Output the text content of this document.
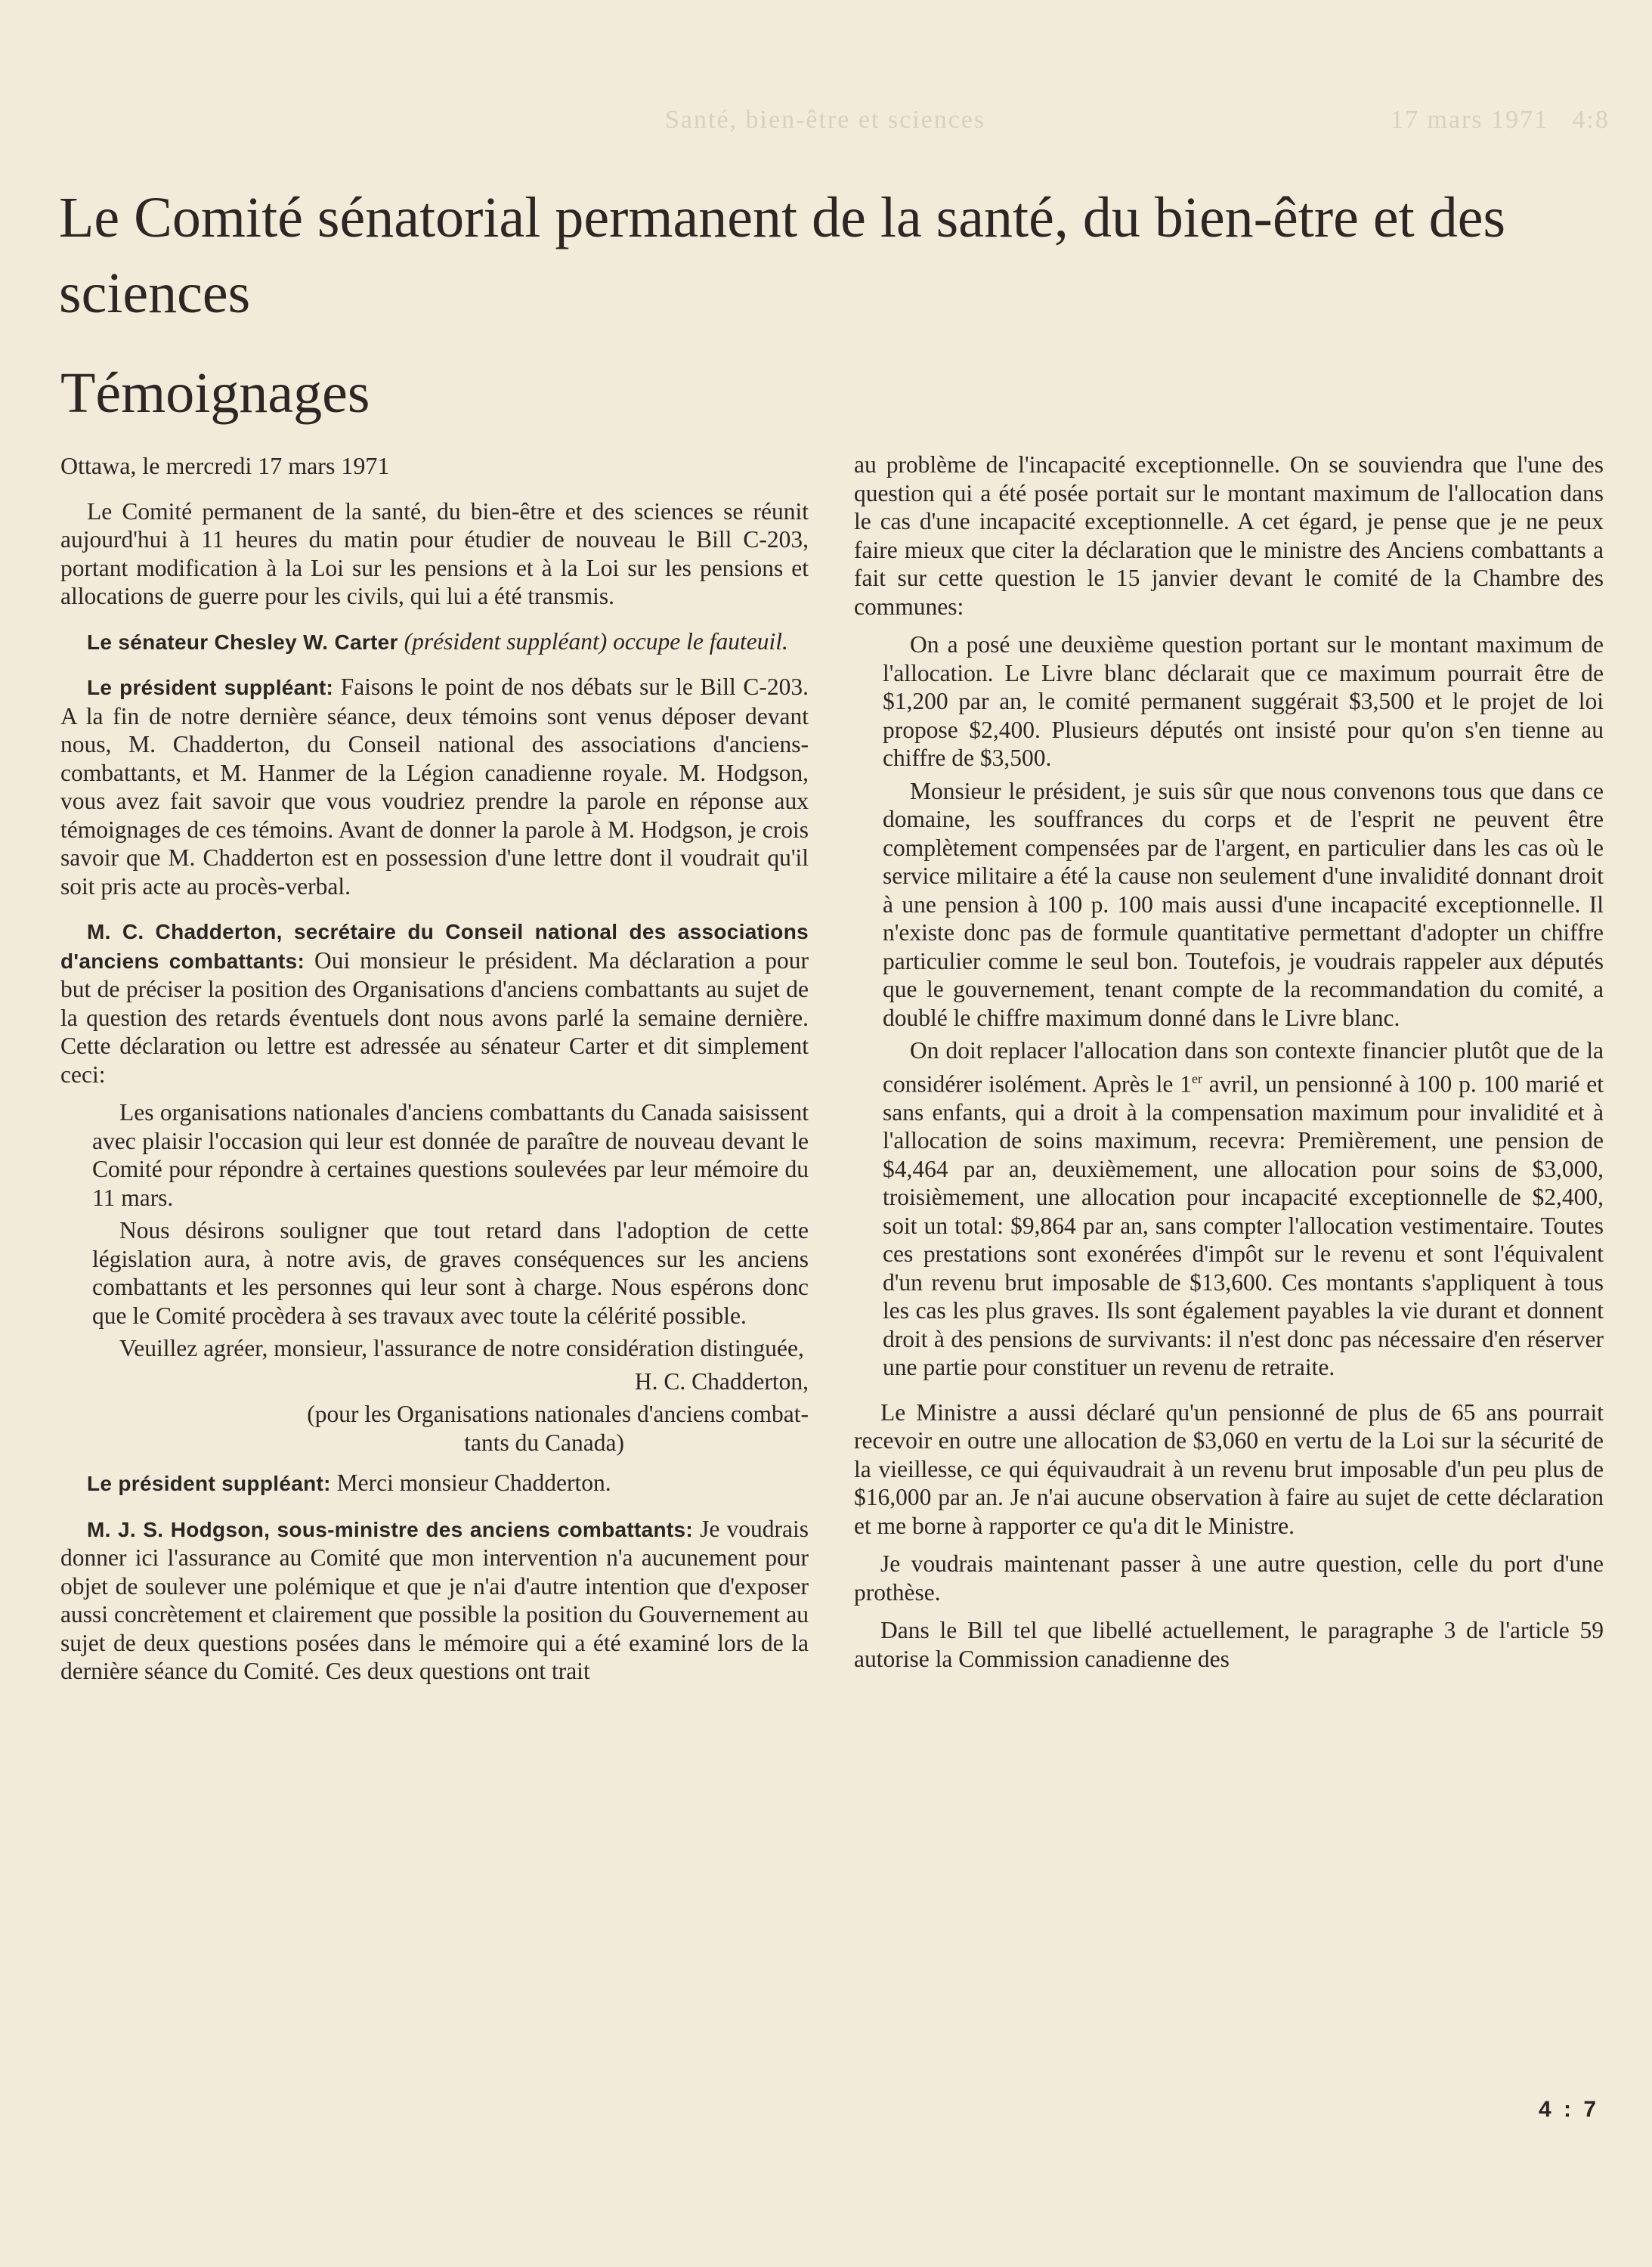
Santé, bien-être et sciences	17 mars 1971 4:8
Le Comité sénatorial permanent de la santé, du bien-être et des sciences
Témoignages

Ottawa, le mercredi 17 mars 1971

Le Comité permanent de la santé, du bien-être et des sciences se réunit aujourd'hui à 11 heures du matin pour étudier de nouveau le Bill C-203, portant modification à la Loi sur les pensions et à la Loi sur les pensions et allocations de guerre pour les civils, qui lui a été transmis.

Le sénateur Chesley W. Carter (président suppléant) occupe le fauteuil.

Le président suppléant: Faisons le point de nos débats sur le Bill C-203. A la fin de notre dernière séance, deux témoins sont venus déposer devant nous, M. Chadderton, du Conseil national des associations d'anciens-combattants, et M. Hanmer de la Légion canadienne royale. M. Hodgson, vous avez fait savoir que vous voudriez prendre la parole en réponse aux témoignages de ces témoins. Avant de donner la parole à M. Hodgson, je crois savoir que M. Chadderton est en possession d'une lettre dont il voudrait qu'il soit pris acte au procès-verbal.

M. C. Chadderton, secrétaire du Conseil national des associations d'anciens combattants: Oui monsieur le président. Ma déclaration a pour but de préciser la position des Organisations d'anciens combattants au sujet de la question des retards éventuels dont nous avons parlé la semaine dernière. Cette déclaration ou lettre est adressée au sénateur Carter et dit simplement ceci:

Les organisations nationales d'anciens combattants du Canada saisissent avec plaisir l'occasion qui leur est donnée de paraître de nouveau devant le Comité pour répondre à certaines questions soulevées par leur mémoire du 11 mars.

Nous désirons souligner que tout retard dans l'adoption de cette législation aura, à notre avis, de graves conséquences sur les anciens combattants et les personnes qui leur sont à charge. Nous espérons donc que le Comité procèdera à ses travaux avec toute la célérité possible.

Veuillez agréer, monsieur, l'assurance de notre considération distinguée,

H. C. Chadderton,

(pour les Organisations nationales d'anciens combat-
tants du Canada)

Le président suppléant: Merci monsieur Chadderton.

M. J. S. Hodgson, sous-ministre des anciens combattants: Je voudrais donner ici l'assurance au Comité que mon intervention n'a aucunement pour objet de soulever une polémique et que je n'ai d'autre intention que d'exposer aussi concrètement et clairement que possible la position du Gouvernement au sujet de deux questions posées dans le mémoire qui a été examiné lors de la dernière séance du Comité. Ces deux questions ont trait

au problème de l'incapacité exceptionnelle. On se souviendra que l'une des question qui a été posée portait sur le montant maximum de l'allocation dans le cas d'une incapacité exceptionnelle. A cet égard, je pense que je ne peux faire mieux que citer la déclaration que le ministre des Anciens combattants a fait sur cette question le 15 janvier devant le comité de la Chambre des communes:

On a posé une deuxième question portant sur le montant maximum de l'allocation. Le Livre blanc déclarait que ce maximum pourrait être de $1,200 par an, le comité permanent suggérait $3,500 et le projet de loi propose $2,400. Plusieurs députés ont insisté pour qu'on s'en tienne au chiffre de $3,500.

Monsieur le président, je suis sûr que nous convenons tous que dans ce domaine, les souffrances du corps et de l'esprit ne peuvent être complètement compensées par de l'argent, en particulier dans les cas où le service militaire a été la cause non seulement d'une invalidité donnant droit à une pension à 100 p. 100 mais aussi d'une incapacité exceptionnelle. Il n'existe donc pas de formule quantitative permettant d'adopter un chiffre particulier comme le seul bon. Toutefois, je voudrais rappeler aux députés que le gouvernement, tenant compte de la recommandation du comité, a doublé le chiffre maximum donné dans le Livre blanc.

On doit replacer l'allocation dans son contexte financier plutôt que de la considérer isolément. Après le 1er avril, un pensionné à 100 p. 100 marié et sans enfants, qui a droit à la compensation maximum pour invalidité et à l'allocation de soins maximum, recevra: Premièrement, une pension de $4,464 par an, deuxièmement, une allocation pour soins de $3,000, troisièmement, une allocation pour incapacité exceptionnelle de $2,400, soit un total: $9,864 par an, sans compter l'allocation vestimentaire. Toutes ces prestations sont exonérées d'impôt sur le revenu et sont l'équivalent d'un revenu brut imposable de $13,600. Ces montants s'appliquent à tous les cas les plus graves. Ils sont également payables la vie durant et donnent droit à des pensions de survivants: il n'est donc pas nécessaire d'en réserver une partie pour constituer un revenu de retraite.

Le Ministre a aussi déclaré qu'un pensionné de plus de 65 ans pourrait recevoir en outre une allocation de $3,060 en vertu de la Loi sur la sécurité de la vieillesse, ce qui équivaudrait à un revenu brut imposable d'un peu plus de $16,000 par an. Je n'ai aucune observation à faire au sujet de cette déclaration et me borne à rapporter ce qu'a dit le Ministre.

Je voudrais maintenant passer à une autre question, celle du port d'une prothèse.

Dans le Bill tel que libellé actuellement, le paragraphe 3 de l'article 59 autorise la Commission canadienne des

4 : 7
